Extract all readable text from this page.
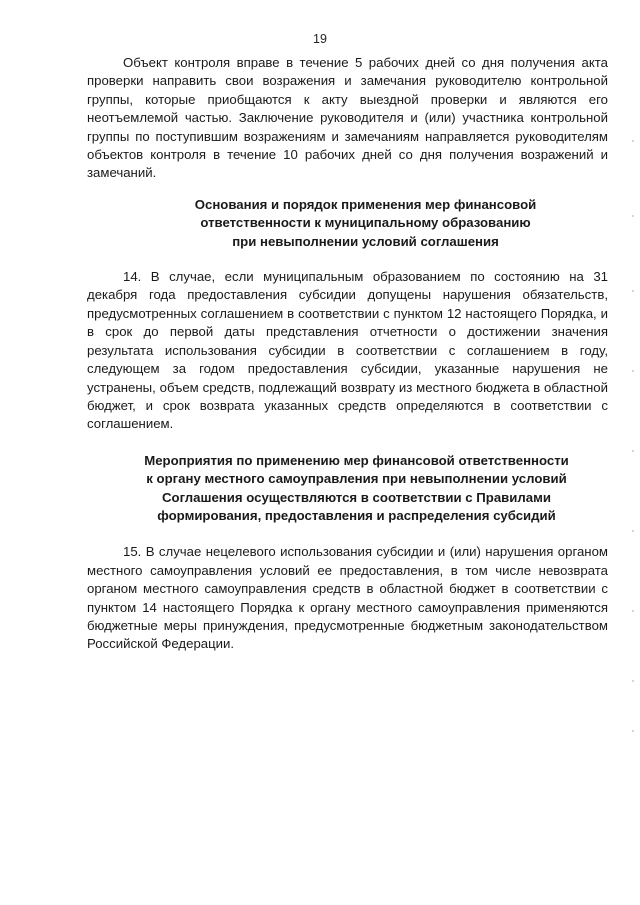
19

Объект контроля вправе в течение 5 рабочих дней со дня получения акта проверки направить свои возражения и замечания руководителю контрольной группы, которые приобщаются к акту выездной проверки и являются его неотъемлемой частью. Заключение руководителя и (или) участника контрольной группы по поступившим возражениям и замечаниям направляется руководителям объектов контроля в течение 10 рабочих дней со дня получения возражений и замечаний.

Основания и порядок применения мер финансовой
ответственности к муниципальному образованию
при невыполнении условий соглашения

14. В случае, если муниципальным образованием по состоянию на 31 декабря года предоставления субсидии допущены нарушения обязательств, предусмотренных соглашением в соответствии с пунктом 12 настоящего Порядка, и в срок до первой даты представления отчетности о достижении значения результата использования субсидии в соответствии с соглашением в году, следующем за годом предоставления субсидии, указанные нарушения не устранены, объем средств, подлежащий возврату из местного бюджета в областной бюджет, и срок возврата указанных средств определяются в соответствии с соглашением.

Мероприятия по применению мер финансовой ответственности
к органу местного самоуправления при невыполнении условий
Соглашения осуществляются в соответствии с Правилами
формирования, предоставления и распределения субсидий

15. В случае нецелевого использования субсидии и (или) нарушения органом местного самоуправления условий ее предоставления, в том числе невозврата органом местного самоуправления средств в областной бюджет в соответствии с пунктом 14 настоящего Порядка к органу местного самоуправления применяются бюджетные меры принуждения, предусмотренные бюджетным законодательством Российской Федерации.
